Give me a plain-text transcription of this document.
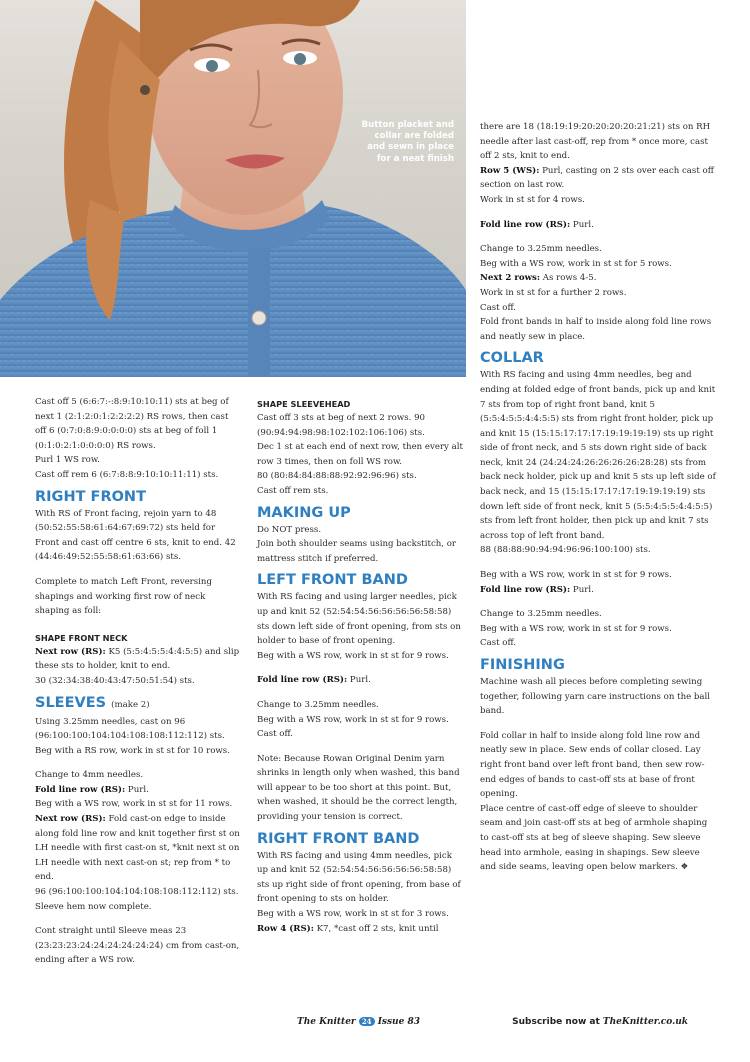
Button placket and
collar are folded
and sewn in place
for a neat finish

Cast off 5 (6:6:7:-:8:9:10:10:11) sts at beg of next 1 (2:1:2:0:1:2:2:2:2) RS rows, then cast off 6 (0:7:0:8:9:0:0:0:0) sts at beg of foll 1 (0:1:0:2:1:0:0:0:0) RS rows.

Purl 1 WS row.

Cast off rem 6 (6:7:8:8:9:10:10:11:11) sts.

RIGHT FRONT

With RS of Front facing, rejoin yarn to 48 (50:52:55:58:61:64:67:69:72) sts held for Front and cast off centre 6 sts, knit to end. 42 (44:46:49:52:55:58:61:63:66) sts.

Complete to match Left Front, reversing shapings and working first row of neck shaping as foll:

SHAPE FRONT NECK

Next row (RS): K5 (5:5:4:5:5:4:4:5:5) and slip these sts to holder, knit to end.

30 (32:34:38:40:43:47:50:51:54) sts.

SLEEVES (make 2)

Using 3.25mm needles, cast on 96 (96:100:100:104:104:108:108:112:112) sts.

Beg with a RS row, work in st st for 10 rows.

Change to 4mm needles.

Fold line row (RS): Purl.

Beg with a WS row, work in st st for 11 rows.

Next row (RS): Fold cast-on edge to inside along fold line row and knit together first st on LH needle with first cast-on st, *knit next st on LH needle with next cast-on st; rep from * to end.

96 (96:100:100:104:104:108:108:112:112) sts. Sleeve hem now complete.

Cont straight until Sleeve meas 23 (23:23:23:24:24:24:24:24:24) cm from cast-on, ending after a WS row.

SHAPE SLEEVEHEAD

Cast off 3 sts at beg of next 2 rows. 90 (90:94:94:98:98:102:102:106:106) sts.

Dec 1 st at each end of next row, then every alt row 3 times, then on foll WS row.

80 (80:84:84:88:88:92:92:96:96) sts.

Cast off rem sts.

MAKING UP

Do NOT press.

Join both shoulder seams using backstitch, or mattress stitch if preferred.

LEFT FRONT BAND

With RS facing and using larger needles, pick up and knit 52 (52:54:54:56:56:56:56:58:58) sts down left side of front opening, from sts on holder to base of front opening.

Beg with a WS row, work in st st for 9 rows.

Fold line row (RS): Purl.

Change to 3.25mm needles.

Beg with a WS row, work in st st for 9 rows.

Cast off.

Note: Because Rowan Original Denim yarn shrinks in length only when washed, this band will appear to be too short at this point. But, when washed, it should be the correct length, providing your tension is correct.

RIGHT FRONT BAND

With RS facing and using 4mm needles, pick up and knit 52 (52:54:54:56:56:56:56:58:58) sts up right side of front opening, from base of front opening to sts on holder.

Beg with a WS row, work in st st for 3 rows.

Row 4 (RS): K7, *cast off 2 sts, knit until

there are 18 (18:19:19:20:20:20:20:21:21) sts on RH needle after last cast-off, rep from * once more, cast off 2 sts, knit to end.

Row 5 (WS): Purl, casting on 2 sts over each cast off section on last row.

Work in st st for 4 rows.

Fold line row (RS): Purl.

Change to 3.25mm needles.

Beg with a WS row, work in st st for 5 rows.

Next 2 rows: As rows 4-5.

Work in st st for a further 2 rows.

Cast off.

Fold front bands in half to inside along fold line rows and neatly sew in place.

COLLAR

With RS facing and using 4mm needles, beg and ending at folded edge of front bands, pick up and knit 7 sts from top of right front band, knit 5 (5:5:4:5:5:4:4:5:5) sts from right front holder, pick up and knit 15 (15:15:17:17:17:19:19:19:19) sts up right side of front neck, and 5 sts down right side of back neck, knit 24 (24:24:24:26:26:26:26:28:28) sts from back neck holder, pick up and knit 5 sts up left side of back neck, and 15 (15:15:17:17:17:19:19:19:19) sts down left side of front neck, knit 5 (5:5:4:5:5:4:4:5:5) sts from left front holder, then pick up and knit 7 sts across top of left front band.

88 (88:88:90:94:94:96:96:100:100) sts.

Beg with a WS row, work in st st for 9 rows.

Fold line row (RS): Purl.

Change to 3.25mm needles.

Beg with a WS row, work in st st for 9 rows.

Cast off.

FINISHING

Machine wash all pieces before completing sewing together, following yarn care instructions on the ball band.

Fold collar in half to inside along fold line row and neatly sew in place. Sew ends of collar closed. Lay right front band over left front band, then sew row-end edges of bands to cast-off sts at base of front opening.

Place centre of cast-off edge of sleeve to shoulder seam and join cast-off sts at beg of armhole shaping to cast-off sts at beg of sleeve shaping. Sew sleeve head into armhole, easing in shapings. Sew sleeve and side seams, leaving open below markers. ❖

The Knitter 24 Issue 83	Subscribe now at TheKnitter.co.uk
